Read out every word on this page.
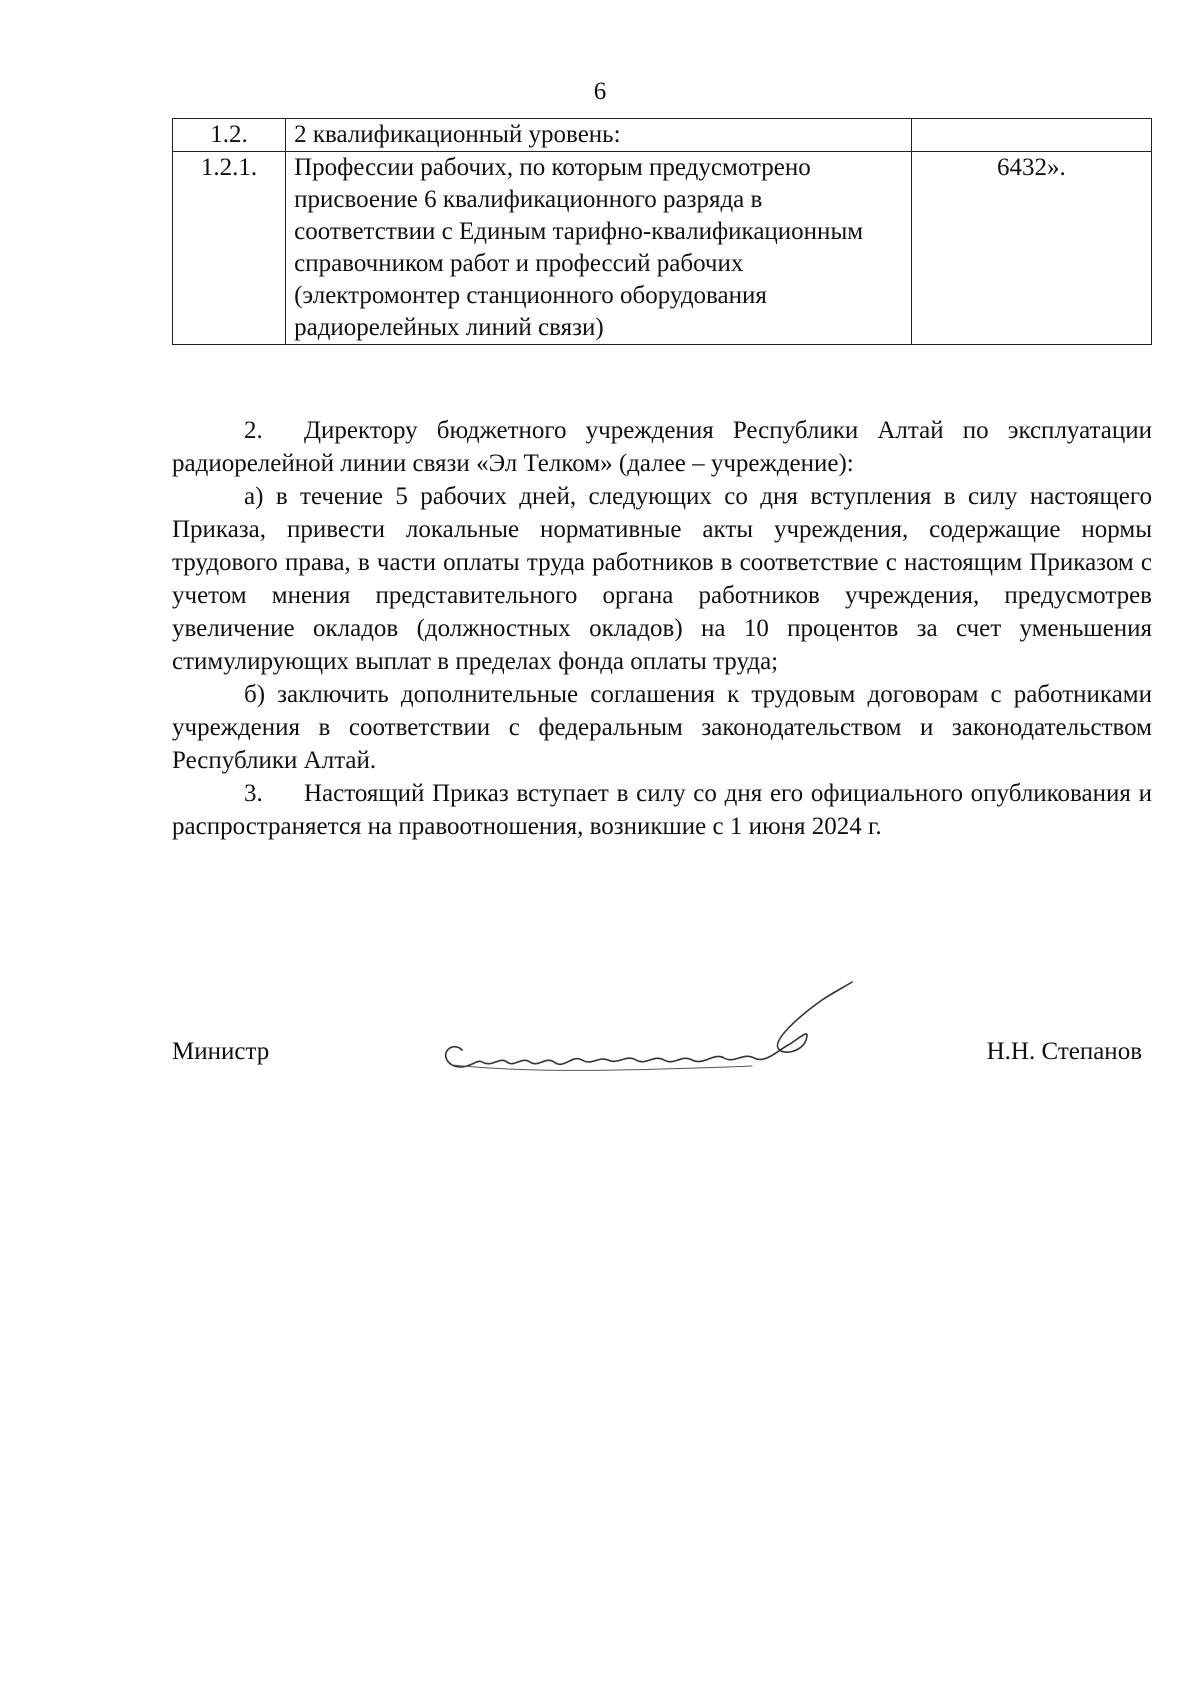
6
1.2.	2 квалификационный уровень:	
1.2.1.	Профессии рабочих, по которым предусмотрено присвоение 6 квалификационного разряда в соответствии с Единым тарифно-квалификационным справочником работ и профессий рабочих (электромонтер станционного оборудования радиорелейных линий связи)	6432».

2. Директору бюджетного учреждения Республики Алтай по эксплуатации радиорелейной линии связи «Эл Телком» (далее – учреждение):

а) в течение 5 рабочих дней, следующих со дня вступления в силу настоящего Приказа, привести локальные нормативные акты учреждения, содержащие нормы трудового права, в части оплаты труда работников в соответствие с настоящим Приказом с учетом мнения представительного органа работников учреждения, предусмотрев увеличение окладов (должностных окладов) на 10 процентов за счет уменьшения стимулирующих выплат в пределах фонда оплаты труда;

б) заключить дополнительные соглашения к трудовым договорам с работниками учреждения в соответствии с федеральным законодательством и законодательством Республики Алтай.

3. Настоящий Приказ вступает в силу со дня его официального опубликования и распространяется на правоотношения, возникшие с 1 июня 2024 г.

Министр	Н.Н. Степанов
